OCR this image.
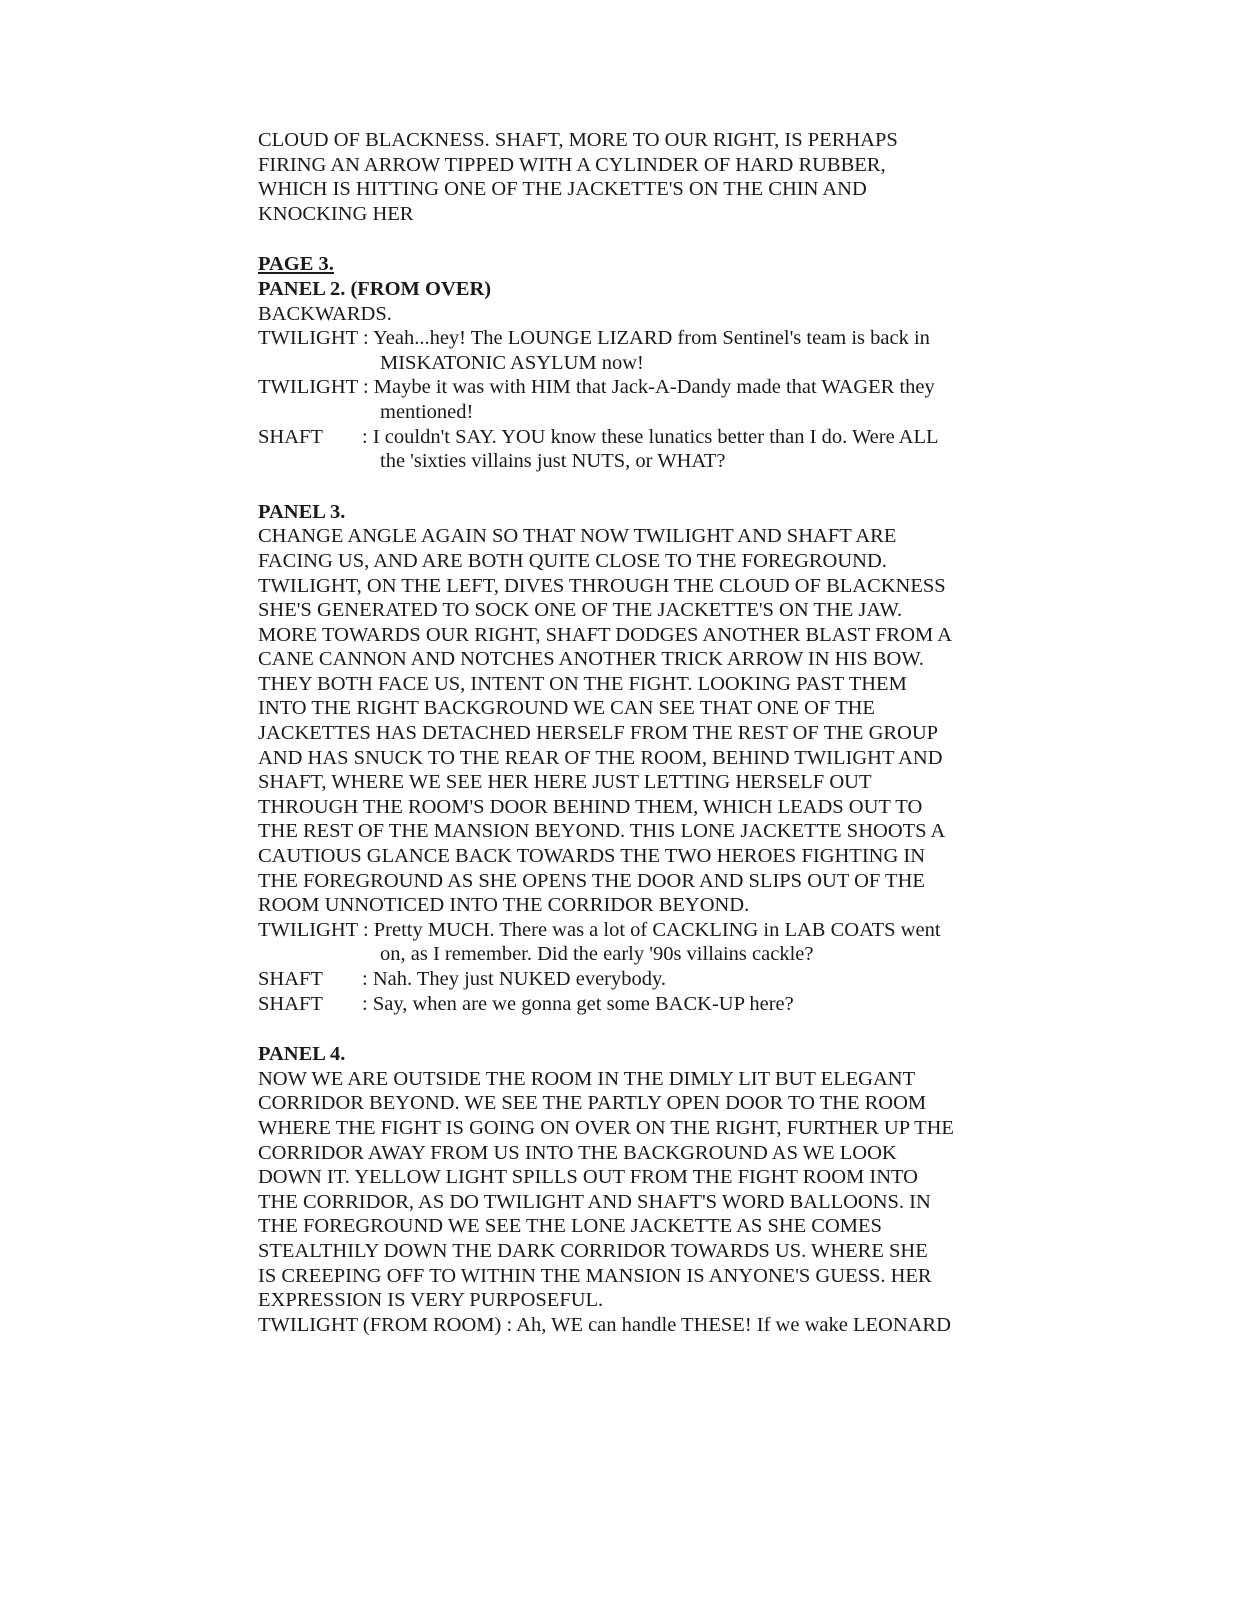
CLOUD OF BLACKNESS. SHAFT, MORE TO OUR RIGHT, IS PERHAPS

FIRING AN ARROW TIPPED WITH A CYLINDER OF HARD RUBBER,

WHICH IS HITTING ONE OF THE JACKETTE'S ON THE CHIN AND

KNOCKING HER

PAGE 3.

PANEL 2. (FROM OVER)

BACKWARDS.

TWILIGHT : Yeah...hey! The LOUNGE LIZARD from Sentinel's team is back in
MISKATONIC ASYLUM now!
TWILIGHT : Maybe it was with HIM that Jack-A-Dandy made that WAGER they
mentioned!
SHAFT : I couldn't SAY. YOU know these lunatics better than I do. Were ALL
the 'sixties villains just NUTS, or WHAT?

PANEL 3.

CHANGE ANGLE AGAIN SO THAT NOW TWILIGHT AND SHAFT ARE

FACING US, AND ARE BOTH QUITE CLOSE TO THE FOREGROUND.

TWILIGHT, ON THE LEFT, DIVES THROUGH THE CLOUD OF BLACKNESS

SHE'S GENERATED TO SOCK ONE OF THE JACKETTE'S ON THE JAW.

MORE TOWARDS OUR RIGHT, SHAFT DODGES ANOTHER BLAST FROM A

CANE CANNON AND NOTCHES ANOTHER TRICK ARROW IN HIS BOW.

THEY BOTH FACE US, INTENT ON THE FIGHT. LOOKING PAST THEM

INTO THE RIGHT BACKGROUND WE CAN SEE THAT ONE OF THE

JACKETTES HAS DETACHED HERSELF FROM THE REST OF THE GROUP

AND HAS SNUCK TO THE REAR OF THE ROOM, BEHIND TWILIGHT AND

SHAFT, WHERE WE SEE HER HERE JUST LETTING HERSELF OUT

THROUGH THE ROOM'S DOOR BEHIND THEM, WHICH LEADS OUT TO

THE REST OF THE MANSION BEYOND. THIS LONE JACKETTE SHOOTS A

CAUTIOUS GLANCE BACK TOWARDS THE TWO HEROES FIGHTING IN

THE FOREGROUND AS SHE OPENS THE DOOR AND SLIPS OUT OF THE

ROOM UNNOTICED INTO THE CORRIDOR BEYOND.

TWILIGHT : Pretty MUCH. There was a lot of CACKLING in LAB COATS went
on, as I remember. Did the early '90s villains cackle?
SHAFT : Nah. They just NUKED everybody.
SHAFT : Say, when are we gonna get some BACK-UP here?

PANEL 4.

NOW WE ARE OUTSIDE THE ROOM IN THE DIMLY LIT BUT ELEGANT

CORRIDOR BEYOND. WE SEE THE PARTLY OPEN DOOR TO THE ROOM

WHERE THE FIGHT IS GOING ON OVER ON THE RIGHT, FURTHER UP THE

CORRIDOR AWAY FROM US INTO THE BACKGROUND AS WE LOOK

DOWN IT. YELLOW LIGHT SPILLS OUT FROM THE FIGHT ROOM INTO

THE CORRIDOR, AS DO TWILIGHT AND SHAFT'S WORD BALLOONS. IN

THE FOREGROUND WE SEE THE LONE JACKETTE AS SHE COMES

STEALTHILY DOWN THE DARK CORRIDOR TOWARDS US. WHERE SHE

IS CREEPING OFF TO WITHIN THE MANSION IS ANYONE'S GUESS. HER

EXPRESSION IS VERY PURPOSEFUL.

TWILIGHT (FROM ROOM) : Ah, WE can handle THESE! If we wake LEONARD
